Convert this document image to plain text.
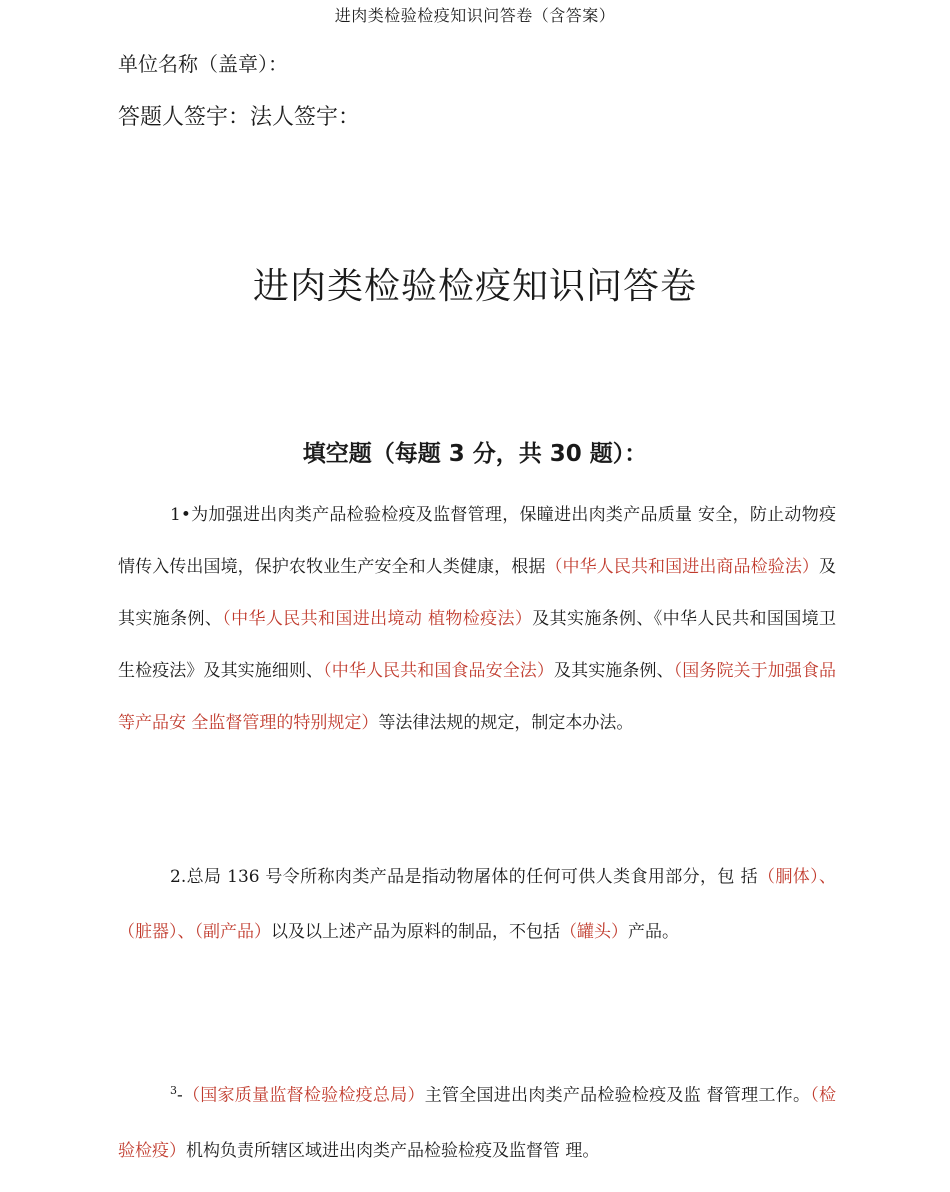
进肉类检验检疫知识问答卷（含答案）
单位名称（盖章）：
答题人签宇：法人签宇：
进肉类检验检疫知识问答卷
填空题（每题 3 分，共 30 题）：
1•为加强进出肉类产品检验检疫及监督管理，保瞳进出肉类产品质量 安全，防止动物疫情传入传出国境，保护农牧业生产安全和人类健康，根据（中华人民共和国进出商品检验法）及其实施条例、（中华人民共和国进出境动 植物检疫法）及其实施条例、《中华人民共和国国境卫生检疫法》及其实施细则、（中华人民共和国食品安全法）及其实施条例、（国务院关于加强食品等产品安 全监督管理的特别规定）等法律法规的规定，制定本办法。
2.总局 136 号令所称肉类产品是指动物屠体的任何可供人类食用部分，包 括（胴体）、（脏器）、（副产品）以及以上述产品为原料的制品，不包括（罐头）产品。
$^3$-（国家质量监督检验检疫总局）主管全国进出肉类产品检验检疫及监 督管理工作。（检验检疫）机构负责所辖区域进出肉类产品检验检疫及监督管 理。
